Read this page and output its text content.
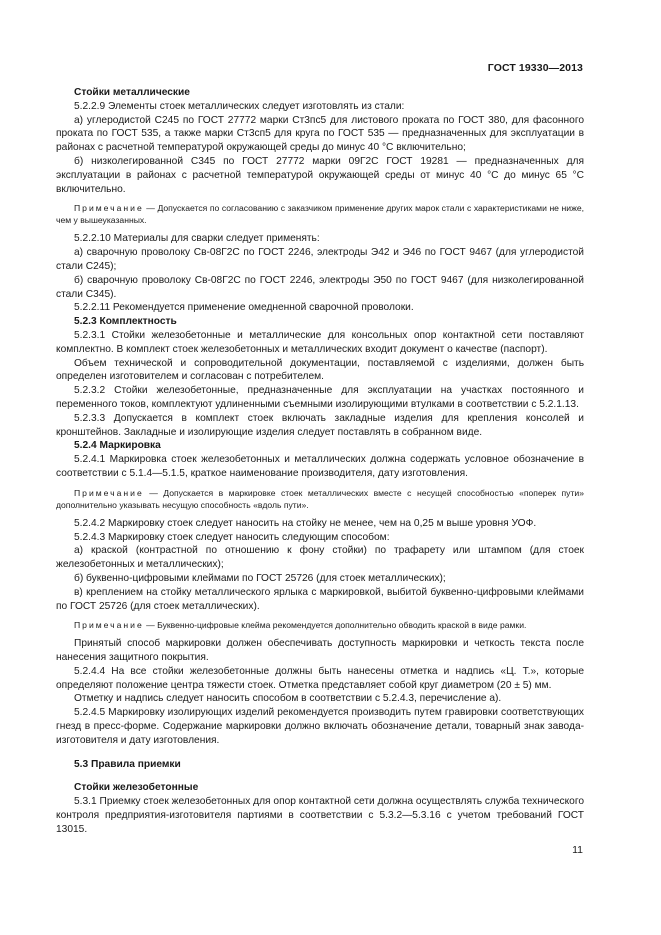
ГОСТ 19330—2013

Стойки металлические

5.2.2.9 Элементы стоек металлических следует изготовлять из стали:

а) углеродистой С245 по ГОСТ 27772 марки Ст3пс5 для листового проката по ГОСТ 380, для фасонного проката по ГОСТ 535, а также марки Ст3сп5 для круга по ГОСТ 535 — предназначенных для эксплуатации в районах с расчетной температурой окружающей среды до минус 40 °С включительно;

б) низколегированной С345 по ГОСТ 27772 марки 09Г2С ГОСТ 19281 — предназначенных для эксплуатации в районах с расчетной температурой окружающей среды от минус 40 °С до минус 65 °С включительно.

Примечание — Допускается по согласованию с заказчиком применение других марок стали с характеристиками не ниже, чем у вышеуказанных.

5.2.2.10 Материалы для сварки следует применять:

а) сварочную проволоку Св-08Г2С по ГОСТ 2246, электроды Э42 и Э46 по ГОСТ 9467 (для углеродистой стали С245);

б) сварочную проволоку Св-08Г2С по ГОСТ 2246, электроды Э50 по ГОСТ 9467 (для низколегированной стали С345).

5.2.2.11 Рекомендуется применение омедненной сварочной проволоки.

5.2.3 Комплектность

5.2.3.1 Стойки железобетонные и металлические для консольных опор контактной сети поставляют комплектно. В комплект стоек железобетонных и металлических входит документ о качестве (паспорт).

Объем технической и сопроводительной документации, поставляемой с изделиями, должен быть определен изготовителем и согласован с потребителем.

5.2.3.2 Стойки железобетонные, предназначенные для эксплуатации на участках постоянного и переменного токов, комплектуют удлиненными съемными изолирующими втулками в соответствии с 5.2.1.13.

5.2.3.3 Допускается в комплект стоек включать закладные изделия для крепления консолей и кронштейнов. Закладные и изолирующие изделия следует поставлять в собранном виде.

5.2.4 Маркировка

5.2.4.1 Маркировка стоек железобетонных и металлических должна содержать условное обозначение в соответствии с 5.1.4—5.1.5, краткое наименование производителя, дату изготовления.

Примечание — Допускается в маркировке стоек металлических вместе с несущей способностью «поперек пути» дополнительно указывать несущую способность «вдоль пути».

5.2.4.2 Маркировку стоек следует наносить на стойку не менее, чем на 0,25 м выше уровня УОФ.

5.2.4.3 Маркировку стоек следует наносить следующим способом:

а) краской (контрастной по отношению к фону стойки) по трафарету или штампом (для стоек железобетонных и металлических);

б) буквенно-цифровыми клеймами по ГОСТ 25726 (для стоек металлических);

в) креплением на стойку металлического ярлыка с маркировкой, выбитой буквенно-цифровыми клеймами по ГОСТ 25726 (для стоек металлических).

Примечание — Буквенно-цифровые клейма рекомендуется дополнительно обводить краской в виде рамки.

Принятый способ маркировки должен обеспечивать доступность маркировки и четкость текста после нанесения защитного покрытия.

5.2.4.4 На все стойки железобетонные должны быть нанесены отметка и надпись «Ц. Т.», которые определяют положение центра тяжести стоек. Отметка представляет собой круг диаметром (20 ± 5) мм.

Отметку и надпись следует наносить способом в соответствии с 5.2.4.3, перечисление а).

5.2.4.5 Маркировку изолирующих изделий рекомендуется производить путем гравировки соответствующих гнезд в пресс-форме. Содержание маркировки должно включать обозначение детали, товарный знак завода-изготовителя и дату изготовления.

5.3 Правила приемки

Стойки железобетонные

5.3.1 Приемку стоек железобетонных для опор контактной сети должна осуществлять служба технического контроля предприятия-изготовителя партиями в соответствии с 5.3.2—5.3.16 с учетом требований ГОСТ 13015.

11
